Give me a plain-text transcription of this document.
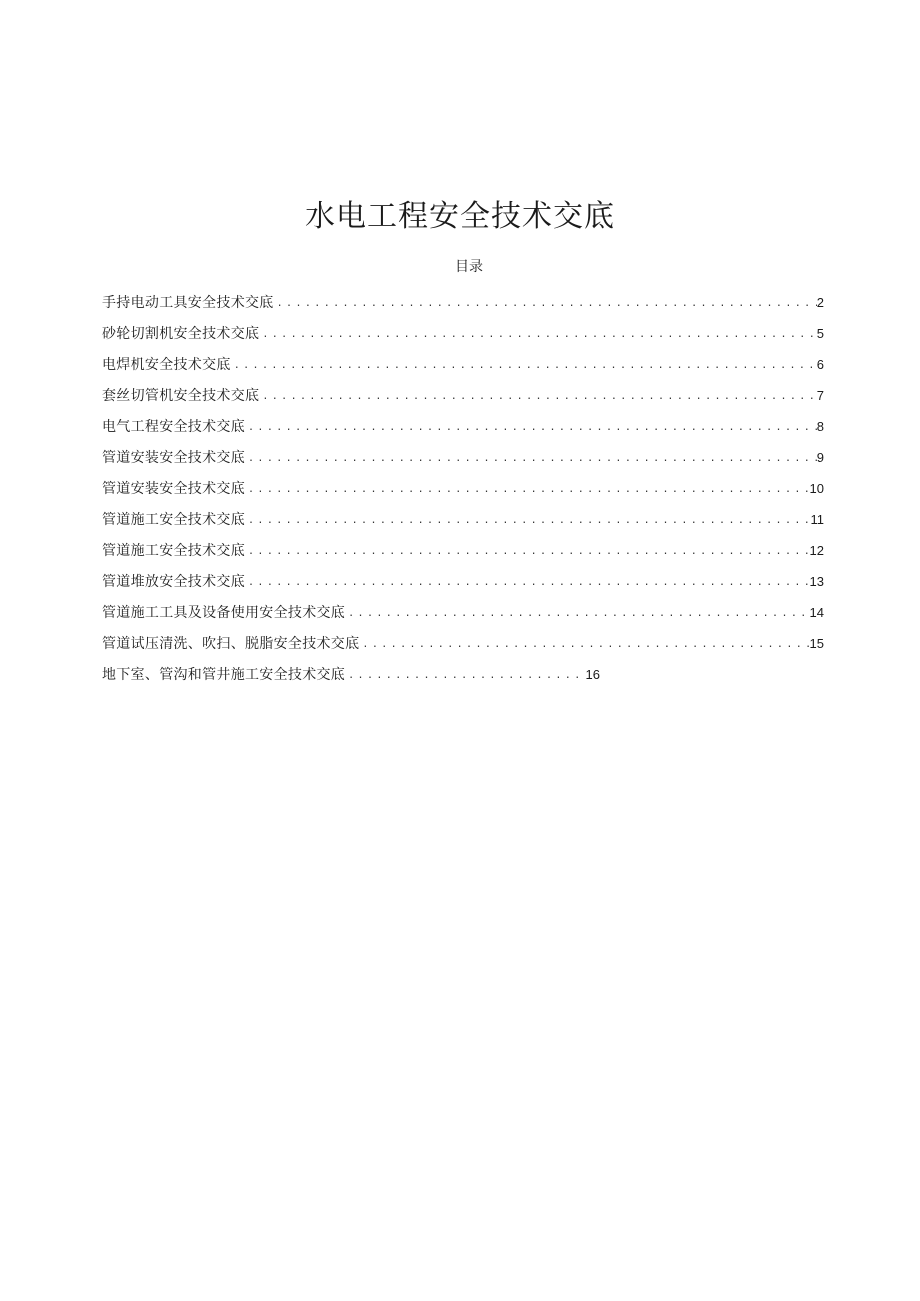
水电工程安全技术交底
目录
手持电动工具安全技术交底 .....	2
砂轮切割机安全技术交底 .....	5
电焊机安全技术交底 .....	6
套丝切管机安全技术交底 .....	7
电气工程安全技术交底 .....	8
管道安装安全技术交底 .....	9
管道安装安全技术交底 .....	10
管道施工安全技术交底 .....	11
管道施工安全技术交底 .....	12
管道堆放安全技术交底 .....	13
管道施工工具及设备使用安全技术交底 .....	14
管道试压清洗、吹扫、脱脂安全技术交底 .....	15
地下室、管沟和管井施工安全技术交底 .....	16
